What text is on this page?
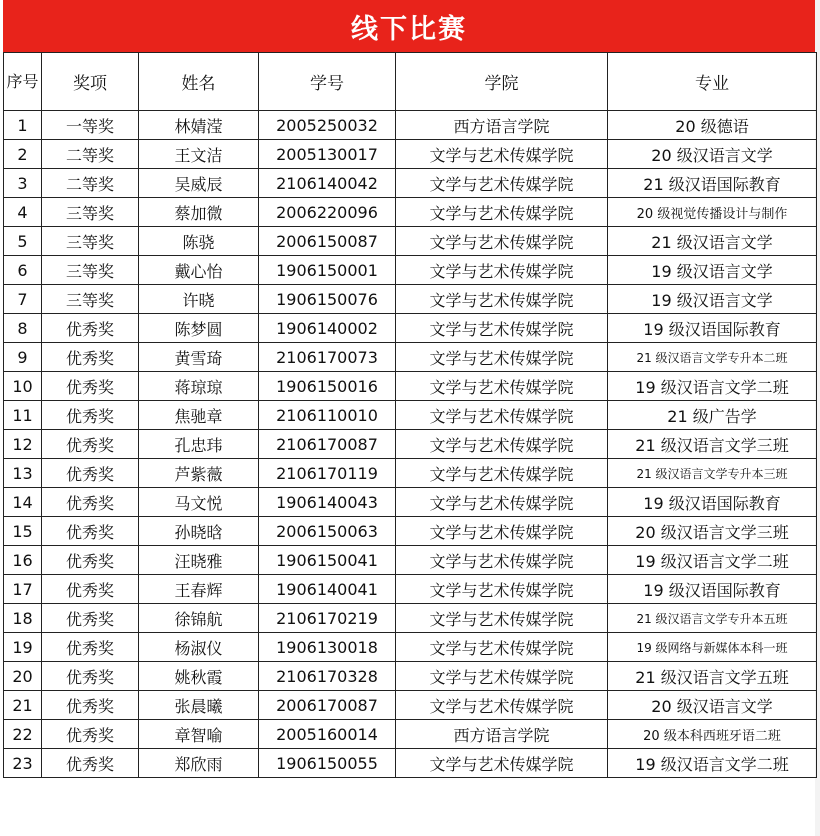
线下比赛
序号	奖项	姓名	学号	学院	专业
1	一等奖	林婧滢	2005250032	西方语言学院	20 级德语
2	二等奖	王文洁	2005130017	文学与艺术传媒学院	20 级汉语言文学
3	二等奖	吴威辰	2106140042	文学与艺术传媒学院	21 级汉语国际教育
4	三等奖	蔡加微	2006220096	文学与艺术传媒学院	20 级视觉传播设计与制作
5	三等奖	陈骁	2006150087	文学与艺术传媒学院	21 级汉语言文学
6	三等奖	戴心怡	1906150001	文学与艺术传媒学院	19 级汉语言文学
7	三等奖	许晓	1906150076	文学与艺术传媒学院	19 级汉语言文学
8	优秀奖	陈梦圆	1906140002	文学与艺术传媒学院	19 级汉语国际教育
9	优秀奖	黄雪琦	2106170073	文学与艺术传媒学院	21 级汉语言文学专升本二班
10	优秀奖	蒋琼琼	1906150016	文学与艺术传媒学院	19 级汉语言文学二班
11	优秀奖	焦驰章	2106110010	文学与艺术传媒学院	21 级广告学
12	优秀奖	孔忠玮	2106170087	文学与艺术传媒学院	21 级汉语言文学三班
13	优秀奖	芦紫薇	2106170119	文学与艺术传媒学院	21 级汉语言文学专升本三班
14	优秀奖	马文悦	1906140043	文学与艺术传媒学院	19 级汉语国际教育
15	优秀奖	孙晓晗	2006150063	文学与艺术传媒学院	20 级汉语言文学三班
16	优秀奖	汪晓雅	1906150041	文学与艺术传媒学院	19 级汉语言文学二班
17	优秀奖	王春辉	1906140041	文学与艺术传媒学院	19 级汉语国际教育
18	优秀奖	徐锦航	2106170219	文学与艺术传媒学院	21 级汉语言文学专升本五班
19	优秀奖	杨淑仪	1906130018	文学与艺术传媒学院	19 级网络与新媒体本科一班
20	优秀奖	姚秋霞	2106170328	文学与艺术传媒学院	21 级汉语言文学五班
21	优秀奖	张晨曦	2006170087	文学与艺术传媒学院	20 级汉语言文学
22	优秀奖	章智喻	2005160014	西方语言学院	20 级本科西班牙语二班
23	优秀奖	郑欣雨	1906150055	文学与艺术传媒学院	19 级汉语言文学二班
